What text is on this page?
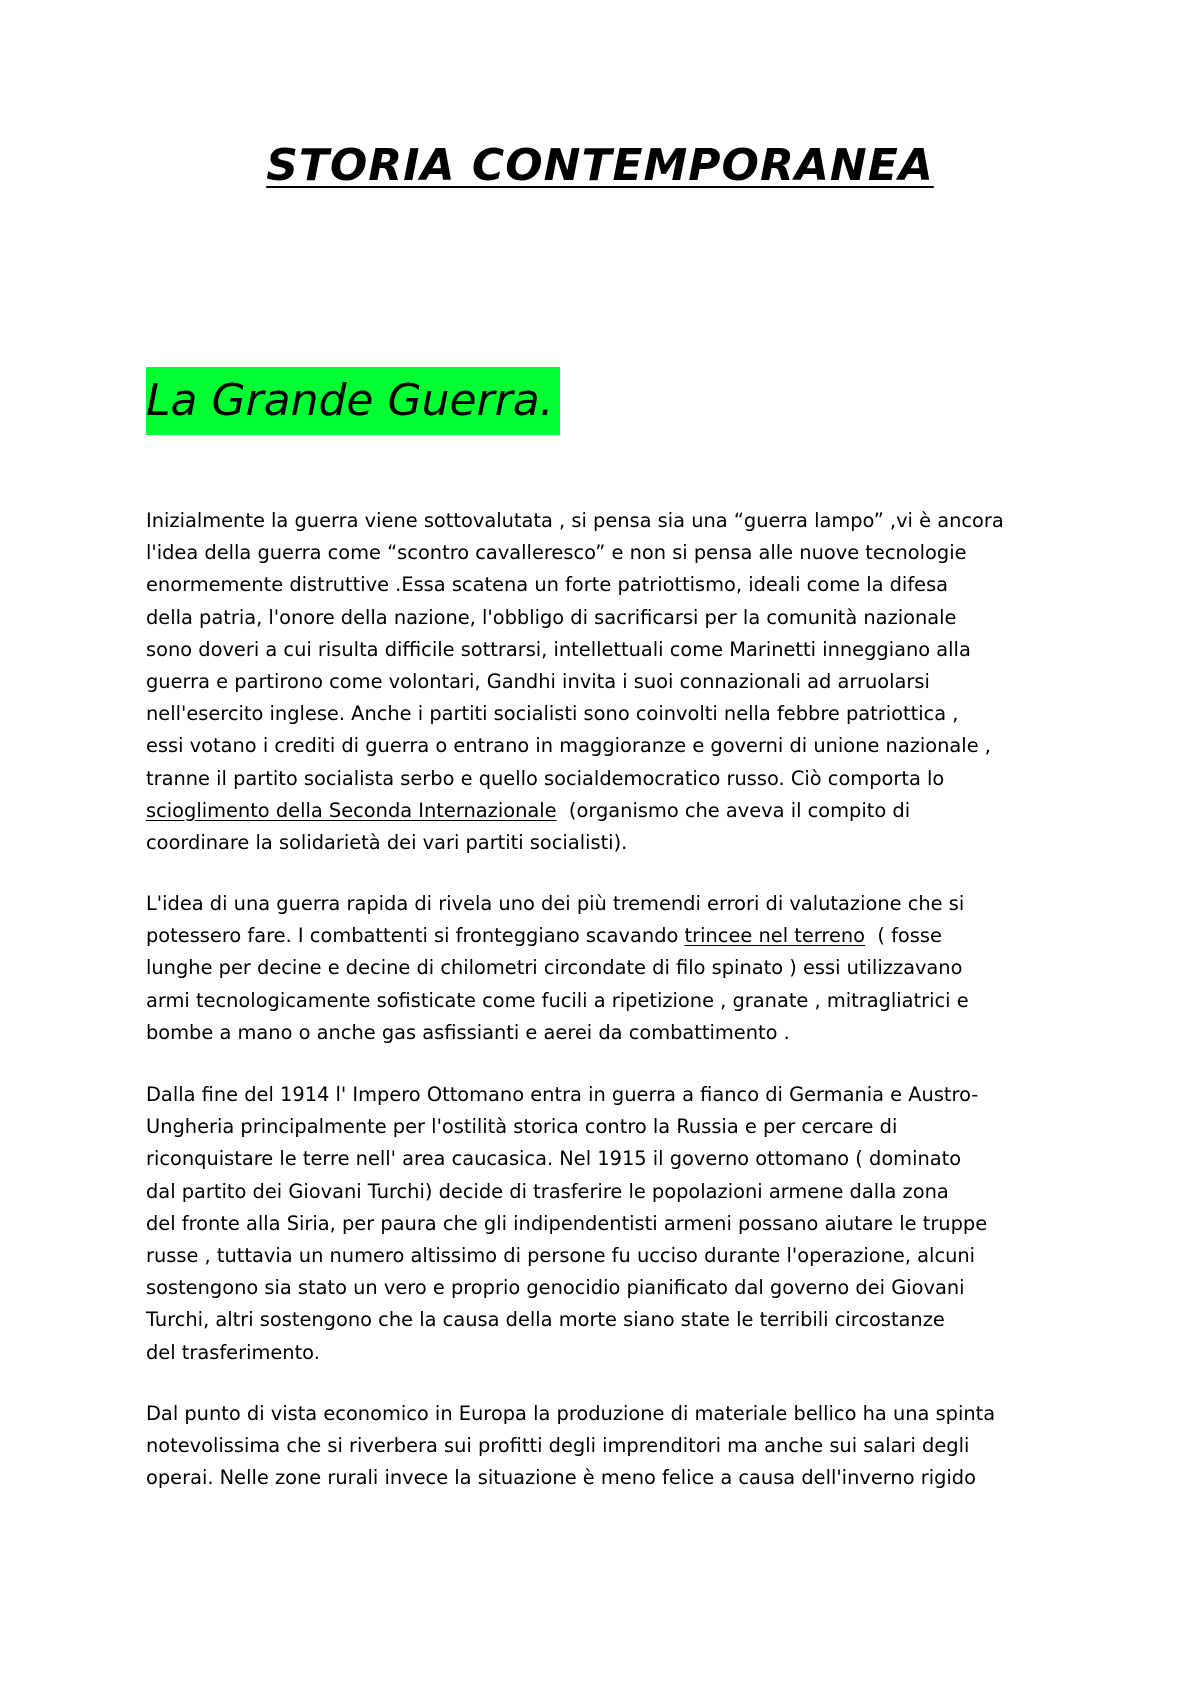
STORIA CONTEMPORANEA
La Grande Guerra.
Inizialmente la guerra viene sottovalutata , si pensa sia una “guerra lampo” ,vi è ancora
l'idea della guerra come “scontro cavalleresco” e non si pensa alle nuove tecnologie
enormemente distruttive .Essa scatena un forte patriottismo, ideali come la difesa
della patria, l'onore della nazione, l'obbligo di sacrificarsi per la comunità nazionale
sono doveri a cui risulta difficile sottrarsi, intellettuali come Marinetti inneggiano alla
guerra e partirono come volontari, Gandhi invita i suoi connazionali ad arruolarsi
nell'esercito inglese. Anche i partiti socialisti sono coinvolti nella febbre patriottica ,
essi votano i crediti di guerra o entrano in maggioranze e governi di unione nazionale ,
tranne il partito socialista serbo e quello socialdemocratico russo. Ciò comporta lo
scioglimento della Seconda Internazionale  (organismo che aveva il compito di
coordinare la solidarietà dei vari partiti socialisti).
L'idea di una guerra rapida di rivela uno dei più tremendi errori di valutazione che si
potessero fare. I combattenti si fronteggiano scavando trincee nel terreno  ( fosse
lunghe per decine e decine di chilometri circondate di filo spinato ) essi utilizzavano
armi tecnologicamente sofisticate come fucili a ripetizione , granate , mitragliatrici e
bombe a mano o anche gas asfissianti e aerei da combattimento .
Dalla fine del 1914 l' Impero Ottomano entra in guerra a fianco di Germania e Austro-
Ungheria principalmente per l'ostilità storica contro la Russia e per cercare di
riconquistare le terre nell' area caucasica. Nel 1915 il governo ottomano ( dominato
dal partito dei Giovani Turchi) decide di trasferire le popolazioni armene dalla zona
del fronte alla Siria, per paura che gli indipendentisti armeni possano aiutare le truppe
russe , tuttavia un numero altissimo di persone fu ucciso durante l'operazione, alcuni
sostengono sia stato un vero e proprio genocidio pianificato dal governo dei Giovani
Turchi, altri sostengono che la causa della morte siano state le terribili circostanze
del trasferimento.
Dal punto di vista economico in Europa la produzione di materiale bellico ha una spinta
notevolissima che si riverbera sui profitti degli imprenditori ma anche sui salari degli
operai. Nelle zone rurali invece la situazione è meno felice a causa dell'inverno rigido
